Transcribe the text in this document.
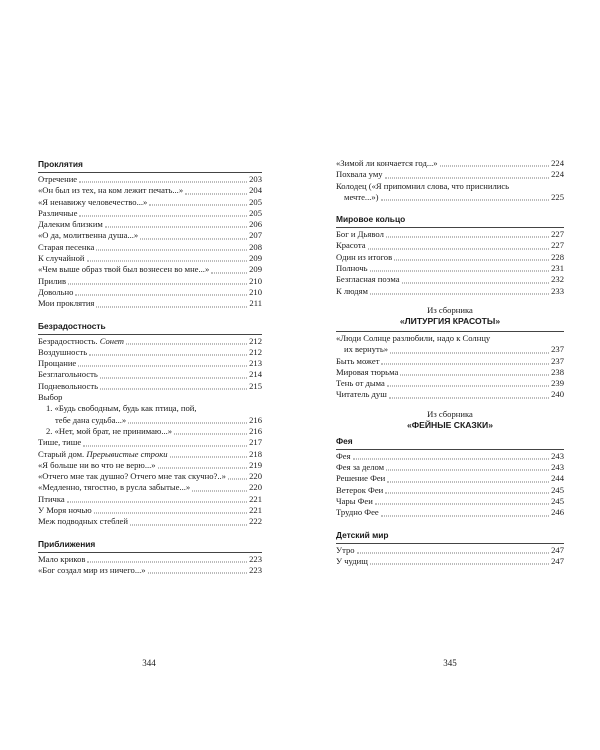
Проклятия
Отречение	203
«Он был из тех, на ком лежит печать...»	204
«Я ненавижу человечество...»	205
Различные	205
Далеким близким	206
«О да, молитвенна душа...»	207
Старая песенка	208
К случайной	209
«Чем выше образ твой был вознесен во мне...»	209
Прилив	210
Довольно	210
Мои проклятия	211
Безрадостность
Безрадостность. Сонет	212
Воздушность	212
Прощание	213
Безглагольность	214
Подневольность	215
Выбор
1. «Будь свободным, будь как птица, пой,
тебе дана судьба...»	216
2. «Нет, мой брат, не принимаю...»	216
Тише, тише	217
Старый дом. Прерывистые строки	218
«Я больше ни во что не верю...»	219
«Отчего мне так душно? Отчего мне так скучно?..»	220
«Медленно, тягостно, в русла забытые...»	220
Птичка	221
У Моря ночью	221
Меж подводных стеблей	222
Приближения
Мало криков	223
«Бог создал мир из ничего...»	223
344
«Зимой ли кончается год...»	224
Похвала уму	224
Колодец («Я припомнил слова, что приснились
мечте...»)	225
Мировое кольцо
Бог и Дьявол	227
Красота	227
Один из итогов	228
Полночь	231
Безгласная поэма	232
К людям	233
Из сборника
«ЛИТУРГИЯ КРАСОТЫ»
«Люди Солнце разлюбили, надо к Солнцу
их вернуть»	237
Быть может	237
Мировая тюрьма	238
Тень от дыма	239
Читатель душ	240
Из сборника
«ФЕЙНЫЕ СКАЗКИ»
Фея
Фея	243
Фея за делом	243
Решение Феи	244
Ветерок Феи	245
Чары Феи	245
Трудно Фее	246
Детский мир
Утро	247
У чудищ	247
345
